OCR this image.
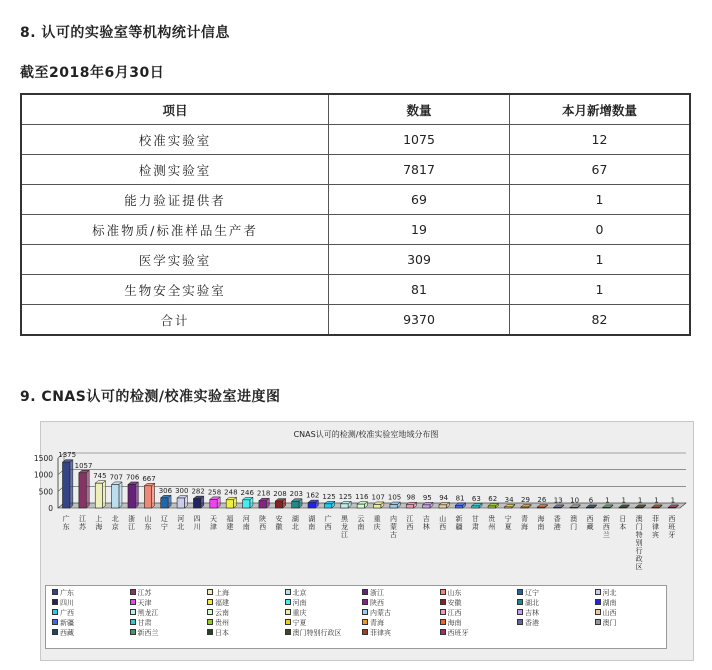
8. 认可的实验室等机构统计信息
截至2018年6月30日
项目	数量	本月新增数量
校准实验室	1075	12
检测实验室	7817	67
能力验证提供者	69	1
标准物质/标准样品生产者	19	0
医学实验室	309	1
生物安全实验室	81	1
合计	9370	82
9. CNAS认可的检测/校准实验室进度图
CNAS认可的检测/校准实验室地域分布图
0
500
1000
1500 1375
广
东
1057
江
苏
745
上
海
707
北
京
706
浙
江
667
山
东
306
辽
宁
300
河
北
282
四
川
258
天
津
248
福
建
246
河
南
218
陕
西
208
安
徽
203
湖
北
162
湖
南
125
广
西
125
黑
龙
江
116
云
南
107
重
庆
105
内
蒙
古
98
江
西
95
吉
林
94
山
西
81
新
疆
63
甘
肃
62
贵
州
34
宁
夏
29
青
海
26
海
南
13
香
港
10
澳
门
6
西
藏
1
新
西
兰
1
日
本
1
澳
门
特
别
行
政
区
1
菲
律
宾
1
西
班
牙
广东	江苏	上海	北京	浙江	山东	辽宁	河北
四川	天津	福建	河南	陕西	安徽	湖北	湖南
广西	黑龙江	云南	重庆	内蒙古	江西	吉林	山西
新疆	甘肃	贵州	宁夏	青海	海南	香港	澳门
西藏	新西兰	日本	澳门特别行政区	菲律宾	西班牙
